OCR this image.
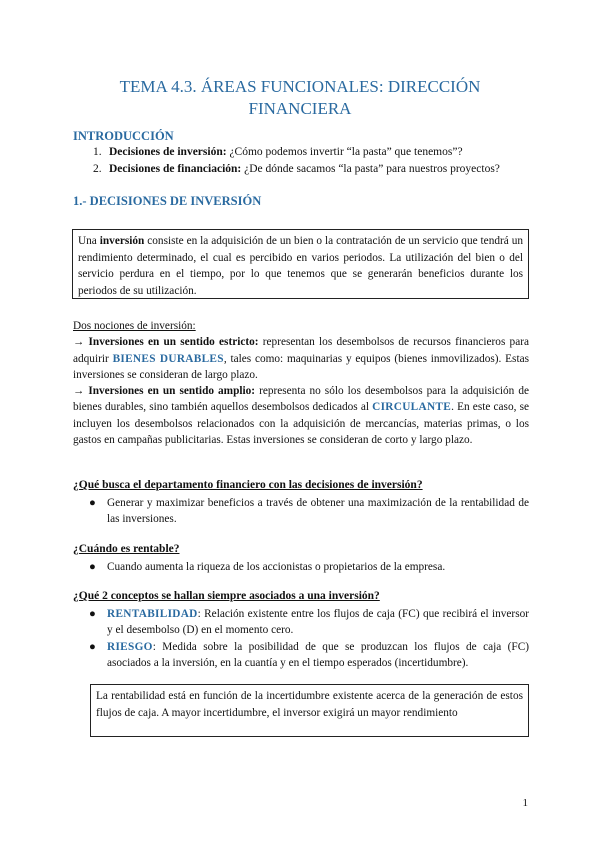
TEMA 4.3. ÁREAS FUNCIONALES: DIRECCIÓN
FINANCIERA
INTRODUCCIÓN
1. Decisiones de inversión: ¿Cómo podemos invertir “la pasta” que tenemos”?
2. Decisiones de financiación: ¿De dónde sacamos “la pasta” para nuestros proyectos?
1.- DECISIONES DE INVERSIÓN
Una inversión consiste en la adquisición de un bien o la contratación de un servicio que tendrá un rendimiento determinado, el cual es percibido en varios periodos. La utilización del bien o del servicio perdura en el tiempo, por lo que tenemos que se generarán beneficios durante los periodos de su utilización.
Dos nociones de inversión:
→ Inversiones en un sentido estricto: representan los desembolsos de recursos financieros para adquirir BIENES DURABLES, tales como: maquinarias y equipos (bienes inmovilizados). Estas inversiones se consideran de largo plazo.
→ Inversiones en un sentido amplio: representa no sólo los desembolsos para la adquisición de bienes durables, sino también aquellos desembolsos dedicados al CIRCULANTE. En este caso, se incluyen los desembolsos relacionados con la adquisición de mercancías, materias primas, o los gastos en campañas publicitarias. Estas inversiones se consideran de corto y largo plazo.
¿Qué busca el departamento financiero con las decisiones de inversión?
● Generar y maximizar beneficios a través de obtener una maximización de la rentabilidad de las inversiones.
¿Cuándo es rentable?
● Cuando aumenta la riqueza de los accionistas o propietarios de la empresa.
¿Qué 2 conceptos se hallan siempre asociados a una inversión?
● RENTABILIDAD: Relación existente entre los flujos de caja (FC) que recibirá el inversor y el desembolso (D) en el momento cero.
● RIESGO: Medida sobre la posibilidad de que se produzcan los flujos de caja (FC) asociados a la inversión, en la cuantía y en el tiempo esperados (incertidumbre).
La rentabilidad está en función de la incertidumbre existente acerca de la generación de estos flujos de caja. A mayor incertidumbre, el inversor exigirá un mayor rendimiento
1
